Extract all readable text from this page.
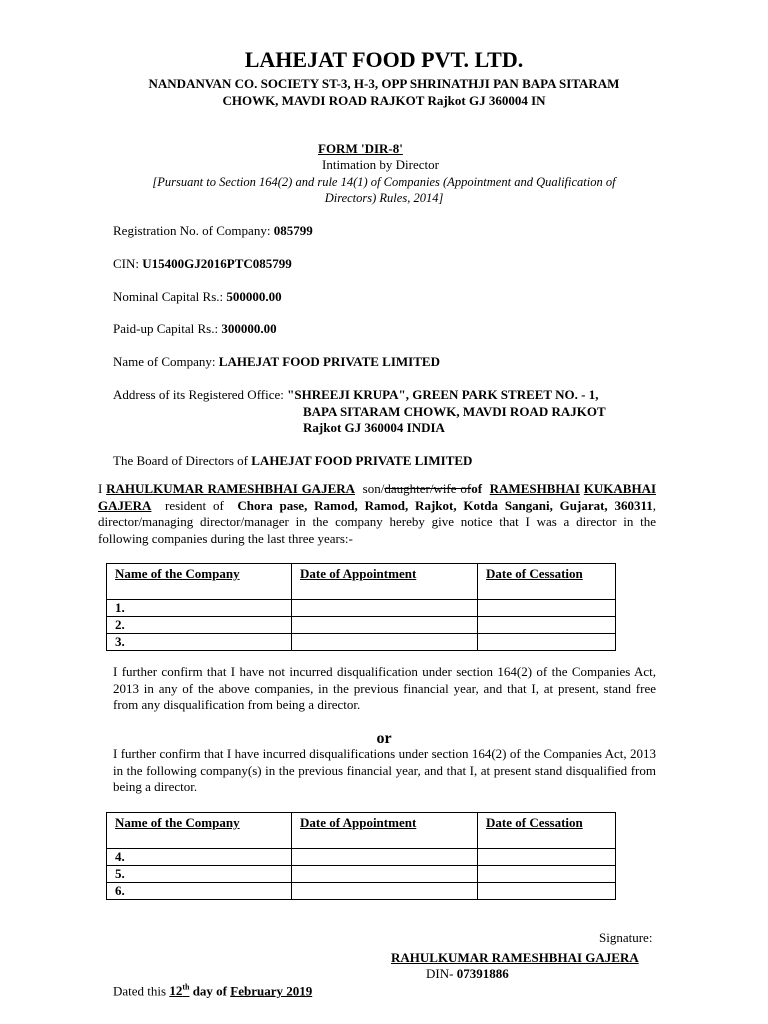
LAHEJAT FOOD PVT. LTD.
NANDANVAN CO. SOCIETY ST-3, H-3, OPP SHRINATHJI PAN BAPA SITARAM
CHOWK, MAVDI ROAD RAJKOT Rajkot GJ 360004 IN
FORM 'DIR-8'
Intimation by Director
[Pursuant to Section 164(2) and rule 14(1) of Companies (Appointment and Qualification of
Directors) Rules, 2014]
Registration No. of Company: 085799
CIN: U15400GJ2016PTC085799
Nominal Capital Rs.: 500000.00
Paid-up Capital Rs.: 300000.00
Name of Company: LAHEJAT FOOD PRIVATE LIMITED
Address of its Registered Office: "SHREEJI KRUPA", GREEN PARK STREET NO. - 1,
BAPA SITARAM CHOWK, MAVDI ROAD RAJKOT
Rajkot GJ 360004 INDIA
The Board of Directors of LAHEJAT FOOD PRIVATE LIMITED
I RAHULKUMAR RAMESHBHAI GAJERA son/daughter/wife ofof RAMESHBHAI KUKABHAI GAJERA resident of Chora pase, Ramod, Ramod, Rajkot, Kotda Sangani, Gujarat, 360311, director/managing director/manager in the company hereby give notice that I was a director in the following companies during the last three years:-
Name of the Company	Date of Appointment	Date of Cessation
1.		
2.		
3.		
I further confirm that I have not incurred disqualification under section 164(2) of the Companies Act, 2013 in any of the above companies, in the previous financial year, and that I, at present, stand free from any disqualification from being a director.
or
I further confirm that I have incurred disqualifications under section 164(2) of the Companies Act, 2013 in the following company(s) in the previous financial year, and that I, at present stand disqualified from being a director.
Name of the Company	Date of Appointment	Date of Cessation
4.		
5.		
6.		
Signature:
RAHULKUMAR RAMESHBHAI GAJERA
DIN- 07391886
Dated this 12th day of February 2019
